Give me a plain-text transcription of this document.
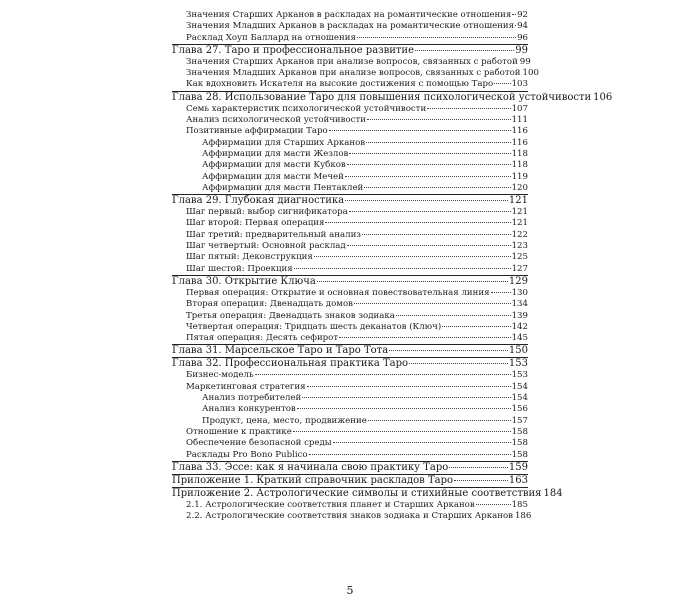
Значения Старших Арканов в раскладах на романтические отношения 92
Значения Младших Арканов в раскладах на романтические отношения 94
Расклад Хоуп Баллард на отношения	96
Глава 27. Таро и профессиональное развитие	99
Значения Старших Арканов при анализе вопросов, связанных с работой 99
Значения Младших Арканов при анализе вопросов, связанных с работой 100
Как вдохновить Искателя на высокие достижения с помощью Таро 103
Глава 28. Использование Таро для повышения психологической устойчивости 106
Семь характеристик психологической устойчивости	107
Анализ психологической устойчивости	111
Позитивные аффирмации Таро	116
Аффирмации для Старших Арканов	116
Аффирмации для масти Жезлов	118
Аффирмации для масти Кубков	118
Аффирмации для масти Мечей	119
Аффирмации для масти Пентаклей	120
Глава 29. Глубокая диагностика	121
Шаг первый: выбор сигнификатора	121
Шаг второй: Первая операция	121
Шаг третий: предварительный анализ	122
Шаг четвертый: Основной расклад	123
Шаг пятый: Деконструкция	125
Шаг шестой: Проекция	127
Глава 30. Открытие Ключа	129
Первая операция: Открытие и основная повествовательная линия	130
Вторая операция: Двенадцать домов	134
Третья операция: Двенадцать знаков зодиака	139
Четвертая операция: Тридцать шесть деканатов (Ключ)	142
Пятая операция: Десять сефирот	145
Глава 31. Марсельское Таро и Таро Тота	150
Глава 32. Профессиональная практика Таро	153
Бизнес-модель	153
Маркетинговая стратегия	154
Анализ потребителей	154
Анализ конкурентов	156
Продукт, цена, место, продвижение	157
Отношение к практике	158
Обеспечение безопасной среды	158
Расклады Pro Bono Publico	158
Глава 33. Эссе: как я начинала свою практику Таро	159
Приложение 1. Краткий справочник раскладов Таро	163
Приложение 2. Астрологические символы и стихийные соответствия 184
2.1. Астрологические соответствия планет и Старших Арканов	185
2.2. Астрологические соответствия знаков зодиака и Старших Арканов 186
5
